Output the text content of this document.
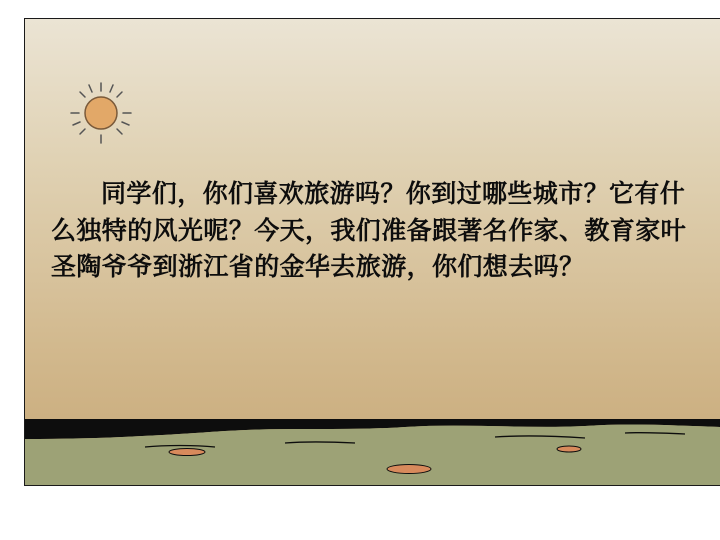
同学们，你们喜欢旅游吗？你到过哪些城市？它有什么独特的风光呢？今天，我们准备跟著名作家、教育家叶圣陶爷爷到浙江省的金华去旅游，你们想去吗？
